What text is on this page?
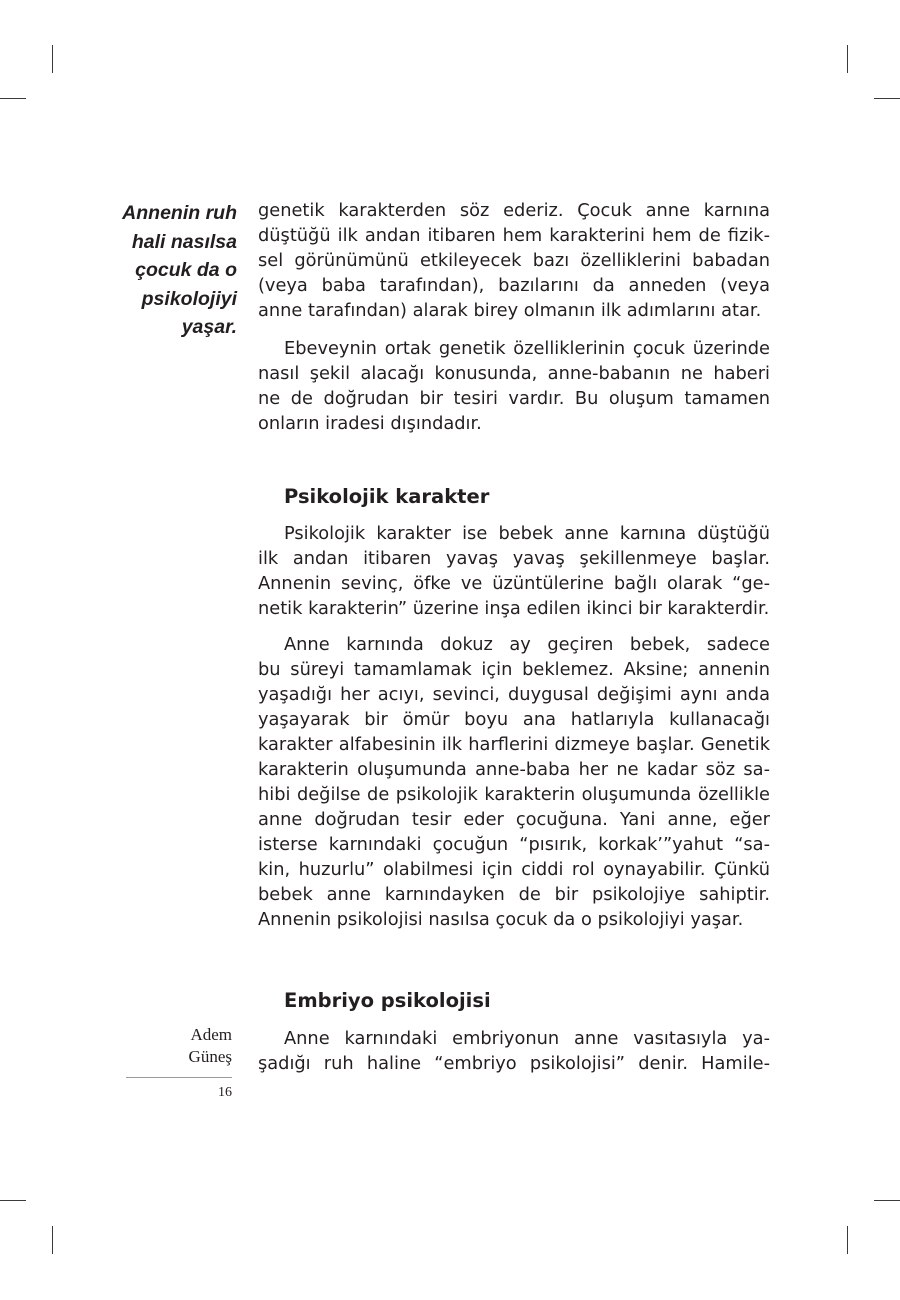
Annenin ruh
hali nasılsa
çocuk da o
psikolojiyi
yaşar.
genetik karakterden söz ederiz. Çocuk anne karnına
düştüğü ilk andan itibaren hem karakterini hem de fizik-
sel görünümünü etkileyecek bazı özelliklerini babadan
(veya baba tarafından), bazılarını da anneden (veya
anne tarafından) alarak birey olmanın ilk adımlarını atar.
Ebeveynin ortak genetik özelliklerinin çocuk üzerinde
nasıl şekil alacağı konusunda, anne-babanın ne haberi
ne de doğrudan bir tesiri vardır. Bu oluşum tamamen
onların iradesi dışındadır.
Psikolojik karakter
Psikolojik karakter ise bebek anne karnına düştüğü
ilk andan itibaren yavaş yavaş şekillenmeye başlar.
Annenin sevinç, öfke ve üzüntülerine bağlı olarak “ge-
netik karakterin” üzerine inşa edilen ikinci bir karakterdir.
Anne karnında dokuz ay geçiren bebek, sadece
bu süreyi tamamlamak için beklemez. Aksine; annenin
yaşadığı her acıyı, sevinci, duygusal değişimi aynı anda
yaşayarak bir ömür boyu ana hatlarıyla kullanacağı
karakter alfabesinin ilk harflerini dizmeye başlar. Genetik
karakterin oluşumunda anne-baba her ne kadar söz sa-
hibi değilse de psikolojik karakterin oluşumunda özellikle
anne doğrudan tesir eder çocuğuna. Yani anne, eğer
isterse karnındaki çocuğun “pısırık, korkak’”yahut “sa-
kin, huzurlu” olabilmesi için ciddi rol oynayabilir. Çünkü
bebek anne karnındayken de bir psikolojiye sahiptir.
Annenin psikolojisi nasılsa çocuk da o psikolojiyi yaşar.
Embriyo psikolojisi
Anne karnındaki embriyonun anne vasıtasıyla ya-
şadığı ruh haline “embriyo psikolojisi” denir. Hamile-
Adem
Güneş
16
